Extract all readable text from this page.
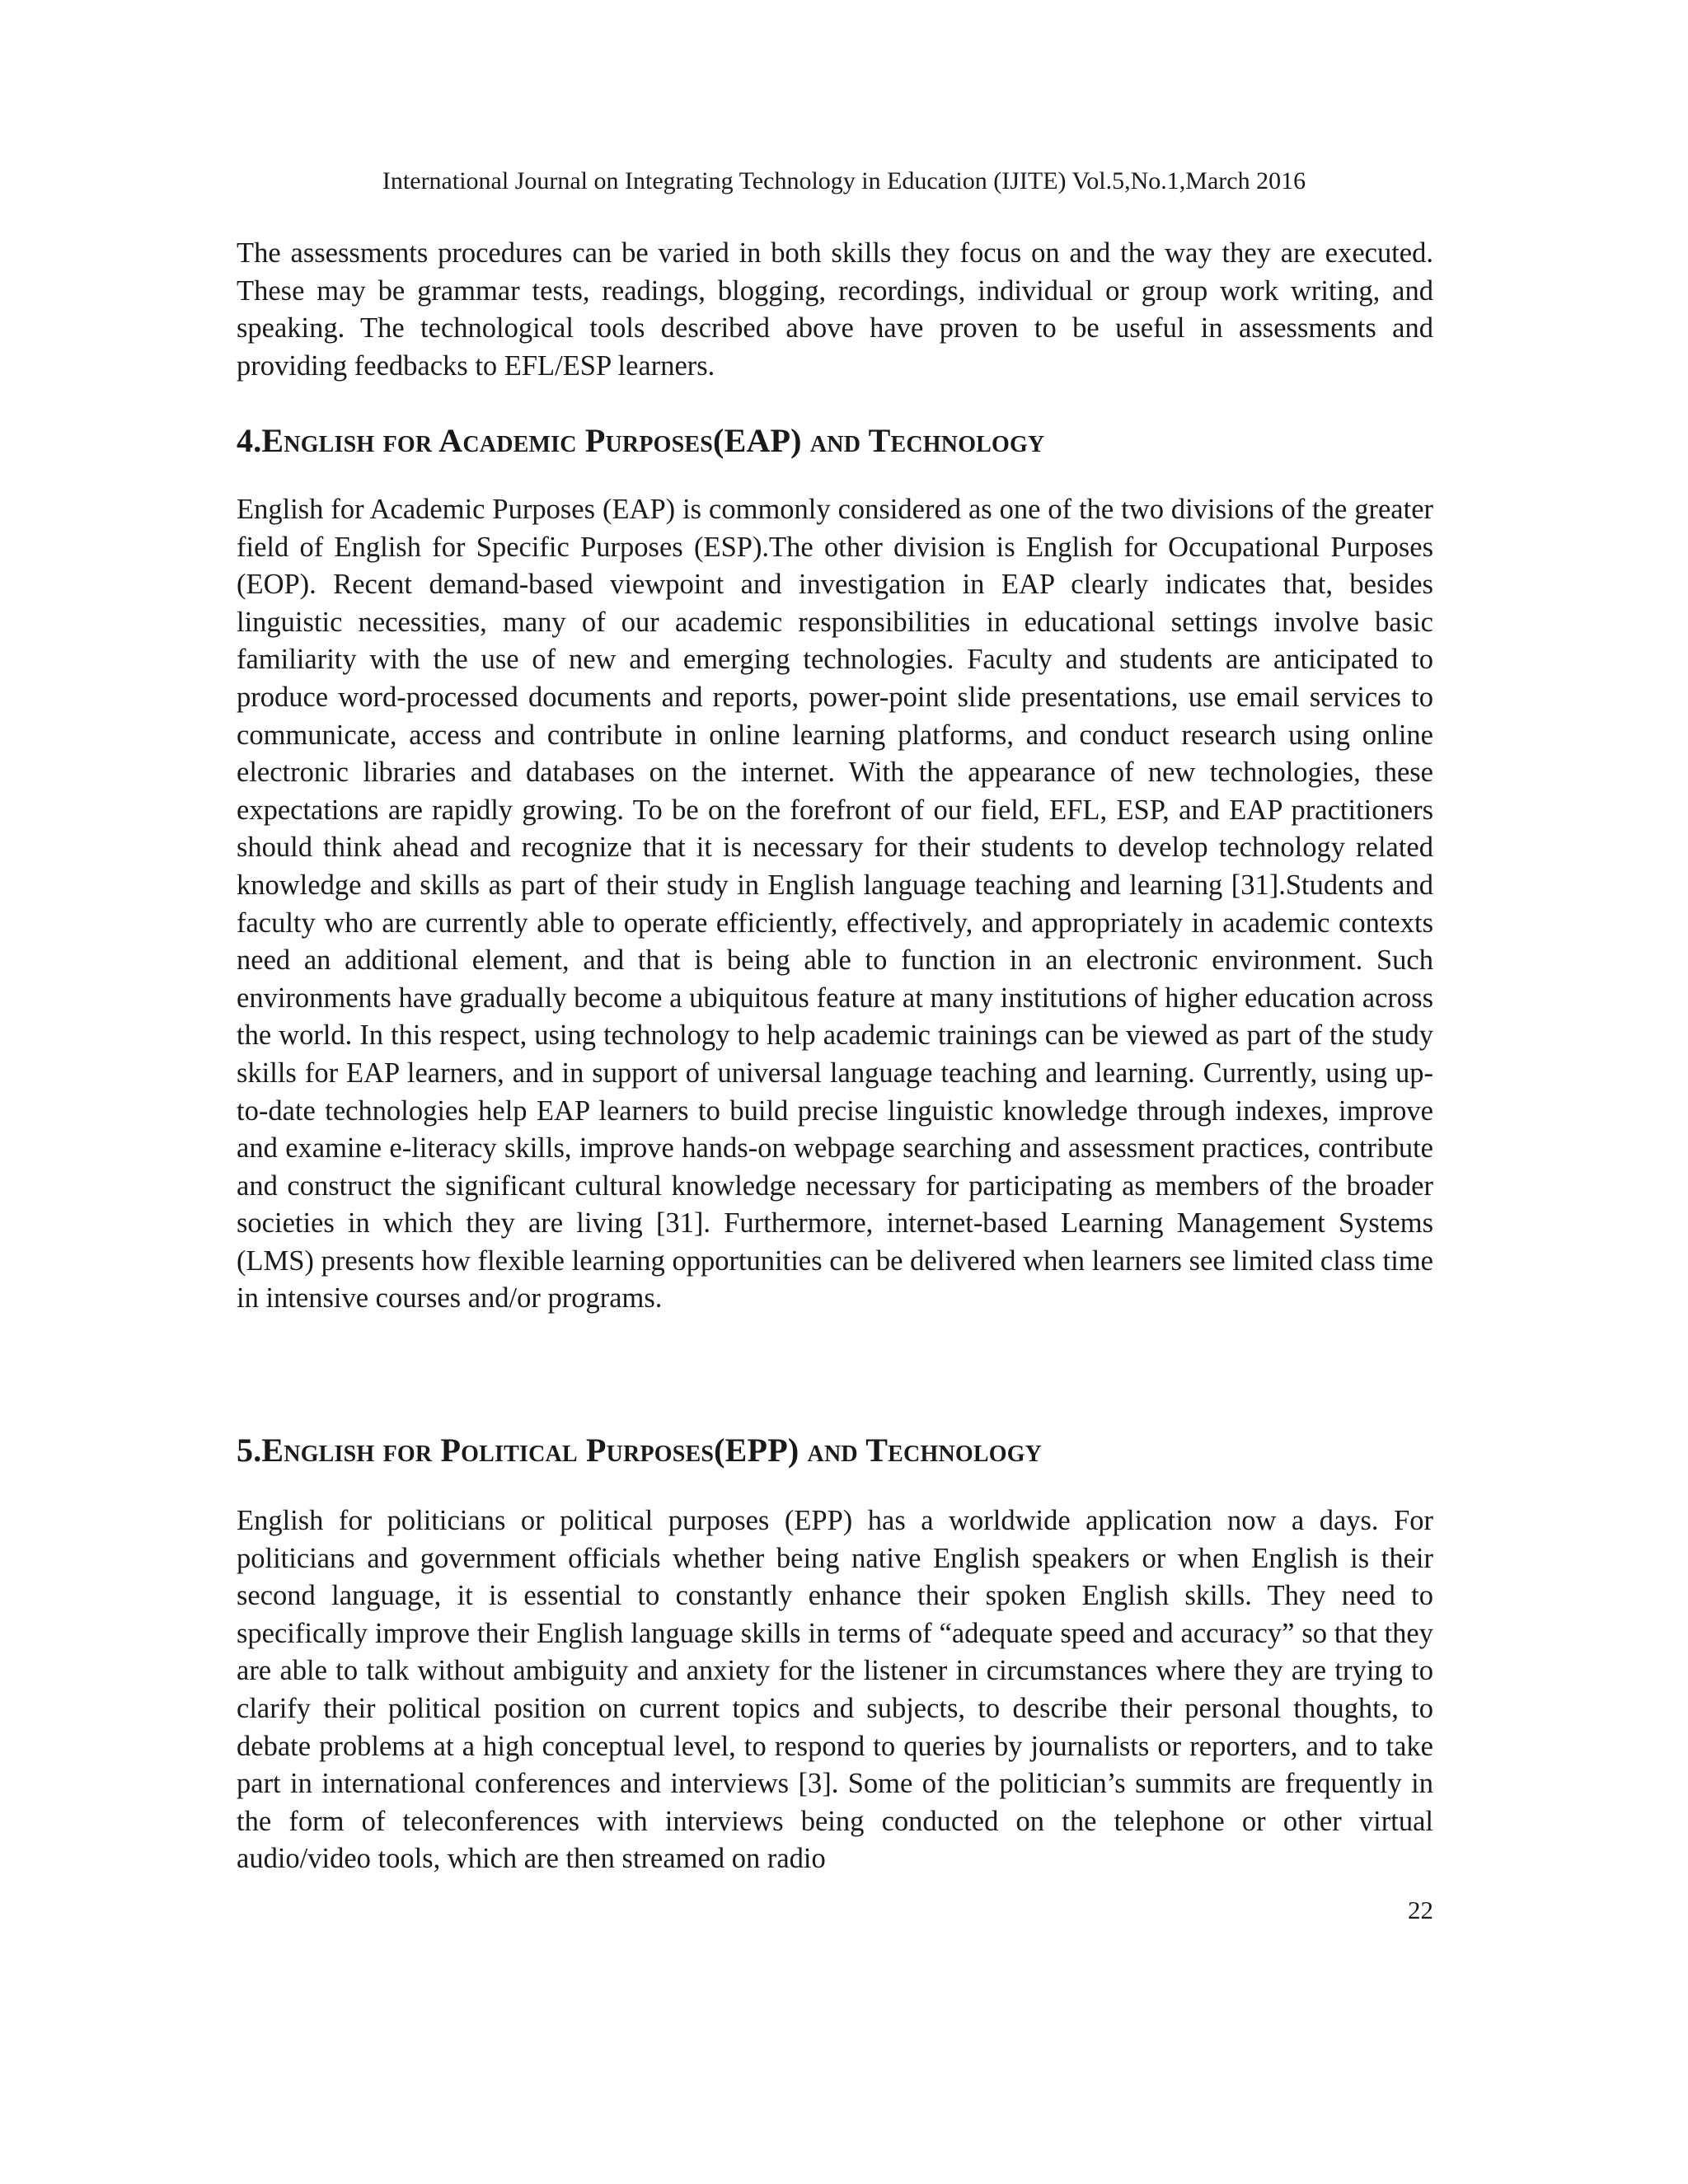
International Journal on Integrating Technology in Education (IJITE) Vol.5,No.1,March 2016

The assessments procedures can be varied in both skills they focus on and the way they are executed. These may be grammar tests, readings, blogging, recordings, individual or group work writing, and speaking. The technological tools described above have proven to be useful in assessments and providing feedbacks to EFL/ESP learners.

4.English for Academic Purposes(EAP) and Technology

English for Academic Purposes (EAP) is commonly considered as one of the two divisions of the greater field of English for Specific Purposes (ESP).The other division is English for Occupational Purposes (EOP). Recent demand-based viewpoint and investigation in EAP clearly indicates that, besides linguistic necessities, many of our academic responsibilities in educational settings involve basic familiarity with the use of new and emerging technologies. Faculty and students are anticipated to produce word-processed documents and reports, power-point slide presentations, use email services to communicate, access and contribute in online learning platforms, and conduct research using online electronic libraries and databases on the internet. With the appearance of new technologies, these expectations are rapidly growing. To be on the forefront of our field, EFL, ESP, and EAP practitioners should think ahead and recognize that it is necessary for their students to develop technology related knowledge and skills as part of their study in English language teaching and learning [31].Students and faculty who are currently able to operate efficiently, effectively, and appropriately in academic contexts need an additional element, and that is being able to function in an electronic environment. Such environments have gradually become a ubiquitous feature at many institutions of higher education across the world. In this respect, using technology to help academic trainings can be viewed as part of the study skills for EAP learners, and in support of universal language teaching and learning. Currently, using up-to-date technologies help EAP learners to build precise linguistic knowledge through indexes, improve and examine e-literacy skills, improve hands-on webpage searching and assessment practices, contribute and construct the significant cultural knowledge necessary for participating as members of the broader societies in which they are living [31]. Furthermore, internet-based Learning Management Systems (LMS) presents how flexible learning opportunities can be delivered when learners see limited class time in intensive courses and/or programs.

5.English for Political Purposes(EPP) and Technology

English for politicians or political purposes (EPP) has a worldwide application now a days. For politicians and government officials whether being native English speakers or when English is their second language, it is essential to constantly enhance their spoken English skills. They need to specifically improve their English language skills in terms of “adequate speed and accuracy” so that they are able to talk without ambiguity and anxiety for the listener in circumstances where they are trying to clarify their political position on current topics and subjects, to describe their personal thoughts, to debate problems at a high conceptual level, to respond to queries by journalists or reporters, and to take part in international conferences and interviews [3]. Some of the politician’s summits are frequently in the form of teleconferences with interviews being conducted on the telephone or other virtual audio/video tools, which are then streamed on radio

22
